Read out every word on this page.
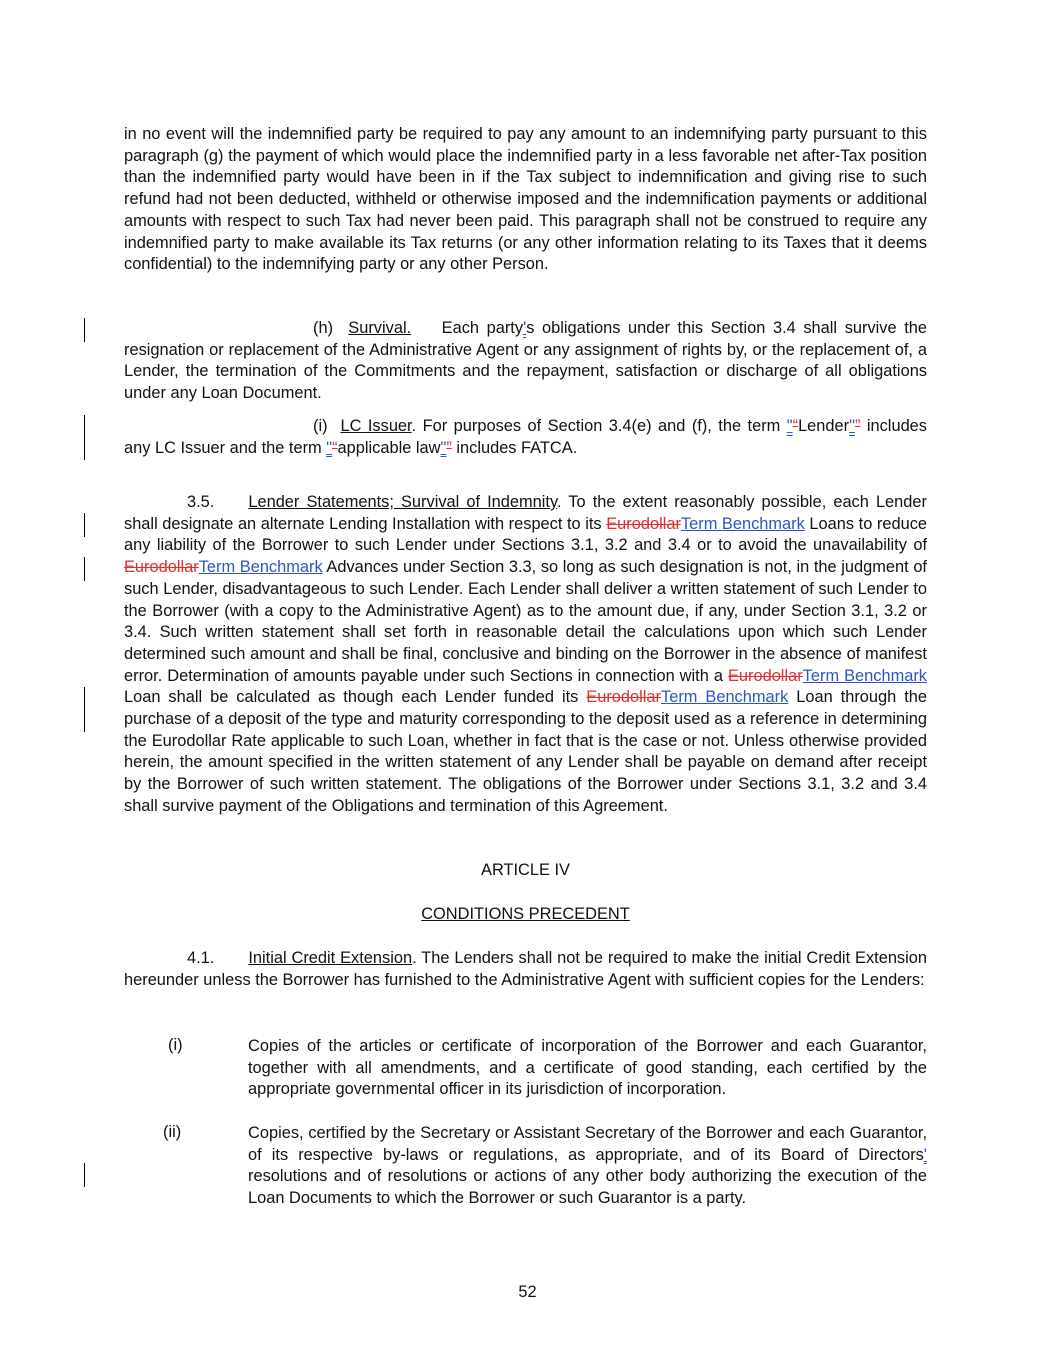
in no event will the indemnified party be required to pay any amount to an indemnifying party pursuant to this paragraph (g) the payment of which would place the indemnified party in a less favorable net after-Tax position than the indemnified party would have been in if the Tax subject to indemnification and giving rise to such refund had not been deducted, withheld or otherwise imposed and the indemnification payments or additional amounts with respect to such Tax had never been paid. This paragraph shall not be construed to require any indemnified party to make available its Tax returns (or any other information relating to its Taxes that it deems confidential) to the indemnifying party or any other Person.

(h) Survival. Each party's obligations under this Section 3.4 shall survive the resignation or replacement of the Administrative Agent or any assignment of rights by, or the replacement of, a Lender, the termination of the Commitments and the repayment, satisfaction or discharge of all obligations under any Loan Document.

(i) LC Issuer. For purposes of Section 3.4(e) and (f), the term "“Lender"” includes any LC Issuer and the term "“applicable law"” includes FATCA.

3.5. Lender Statements; Survival of Indemnity. To the extent reasonably possible, each Lender shall designate an alternate Lending Installation with respect to its EurodollarTerm Benchmark Loans to reduce any liability of the Borrower to such Lender under Sections 3.1, 3.2 and 3.4 or to avoid the unavailability of EurodollarTerm Benchmark Advances under Section 3.3, so long as such designation is not, in the judgment of such Lender, disadvantageous to such Lender. Each Lender shall deliver a written statement of such Lender to the Borrower (with a copy to the Administrative Agent) as to the amount due, if any, under Section 3.1, 3.2 or 3.4. Such written statement shall set forth in reasonable detail the calculations upon which such Lender determined such amount and shall be final, conclusive and binding on the Borrower in the absence of manifest error. Determination of amounts payable under such Sections in connection with a EurodollarTerm Benchmark Loan shall be calculated as though each Lender funded its EurodollarTerm Benchmark Loan through the purchase of a deposit of the type and maturity corresponding to the deposit used as a reference in determining the Eurodollar Rate applicable to such Loan, whether in fact that is the case or not. Unless otherwise provided herein, the amount specified in the written statement of any Lender shall be payable on demand after receipt by the Borrower of such written statement. The obligations of the Borrower under Sections 3.1, 3.2 and 3.4 shall survive payment of the Obligations and termination of this Agreement.

ARTICLE IV

CONDITIONS PRECEDENT

4.1. Initial Credit Extension. The Lenders shall not be required to make the initial Credit Extension hereunder unless the Borrower has furnished to the Administrative Agent with sufficient copies for the Lenders:

(i)	Copies of the articles or certificate of incorporation of the Borrower and each Guarantor, together with all amendments, and a certificate of good standing, each certified by the appropriate governmental officer in its jurisdiction of incorporation.

(ii)	Copies, certified by the Secretary or Assistant Secretary of the Borrower and each Guarantor, of its respective by-laws or regulations, as appropriate, and of its Board of Directors' resolutions and of resolutions or actions of any other body authorizing the execution of the Loan Documents to which the Borrower or such Guarantor is a party.

52
